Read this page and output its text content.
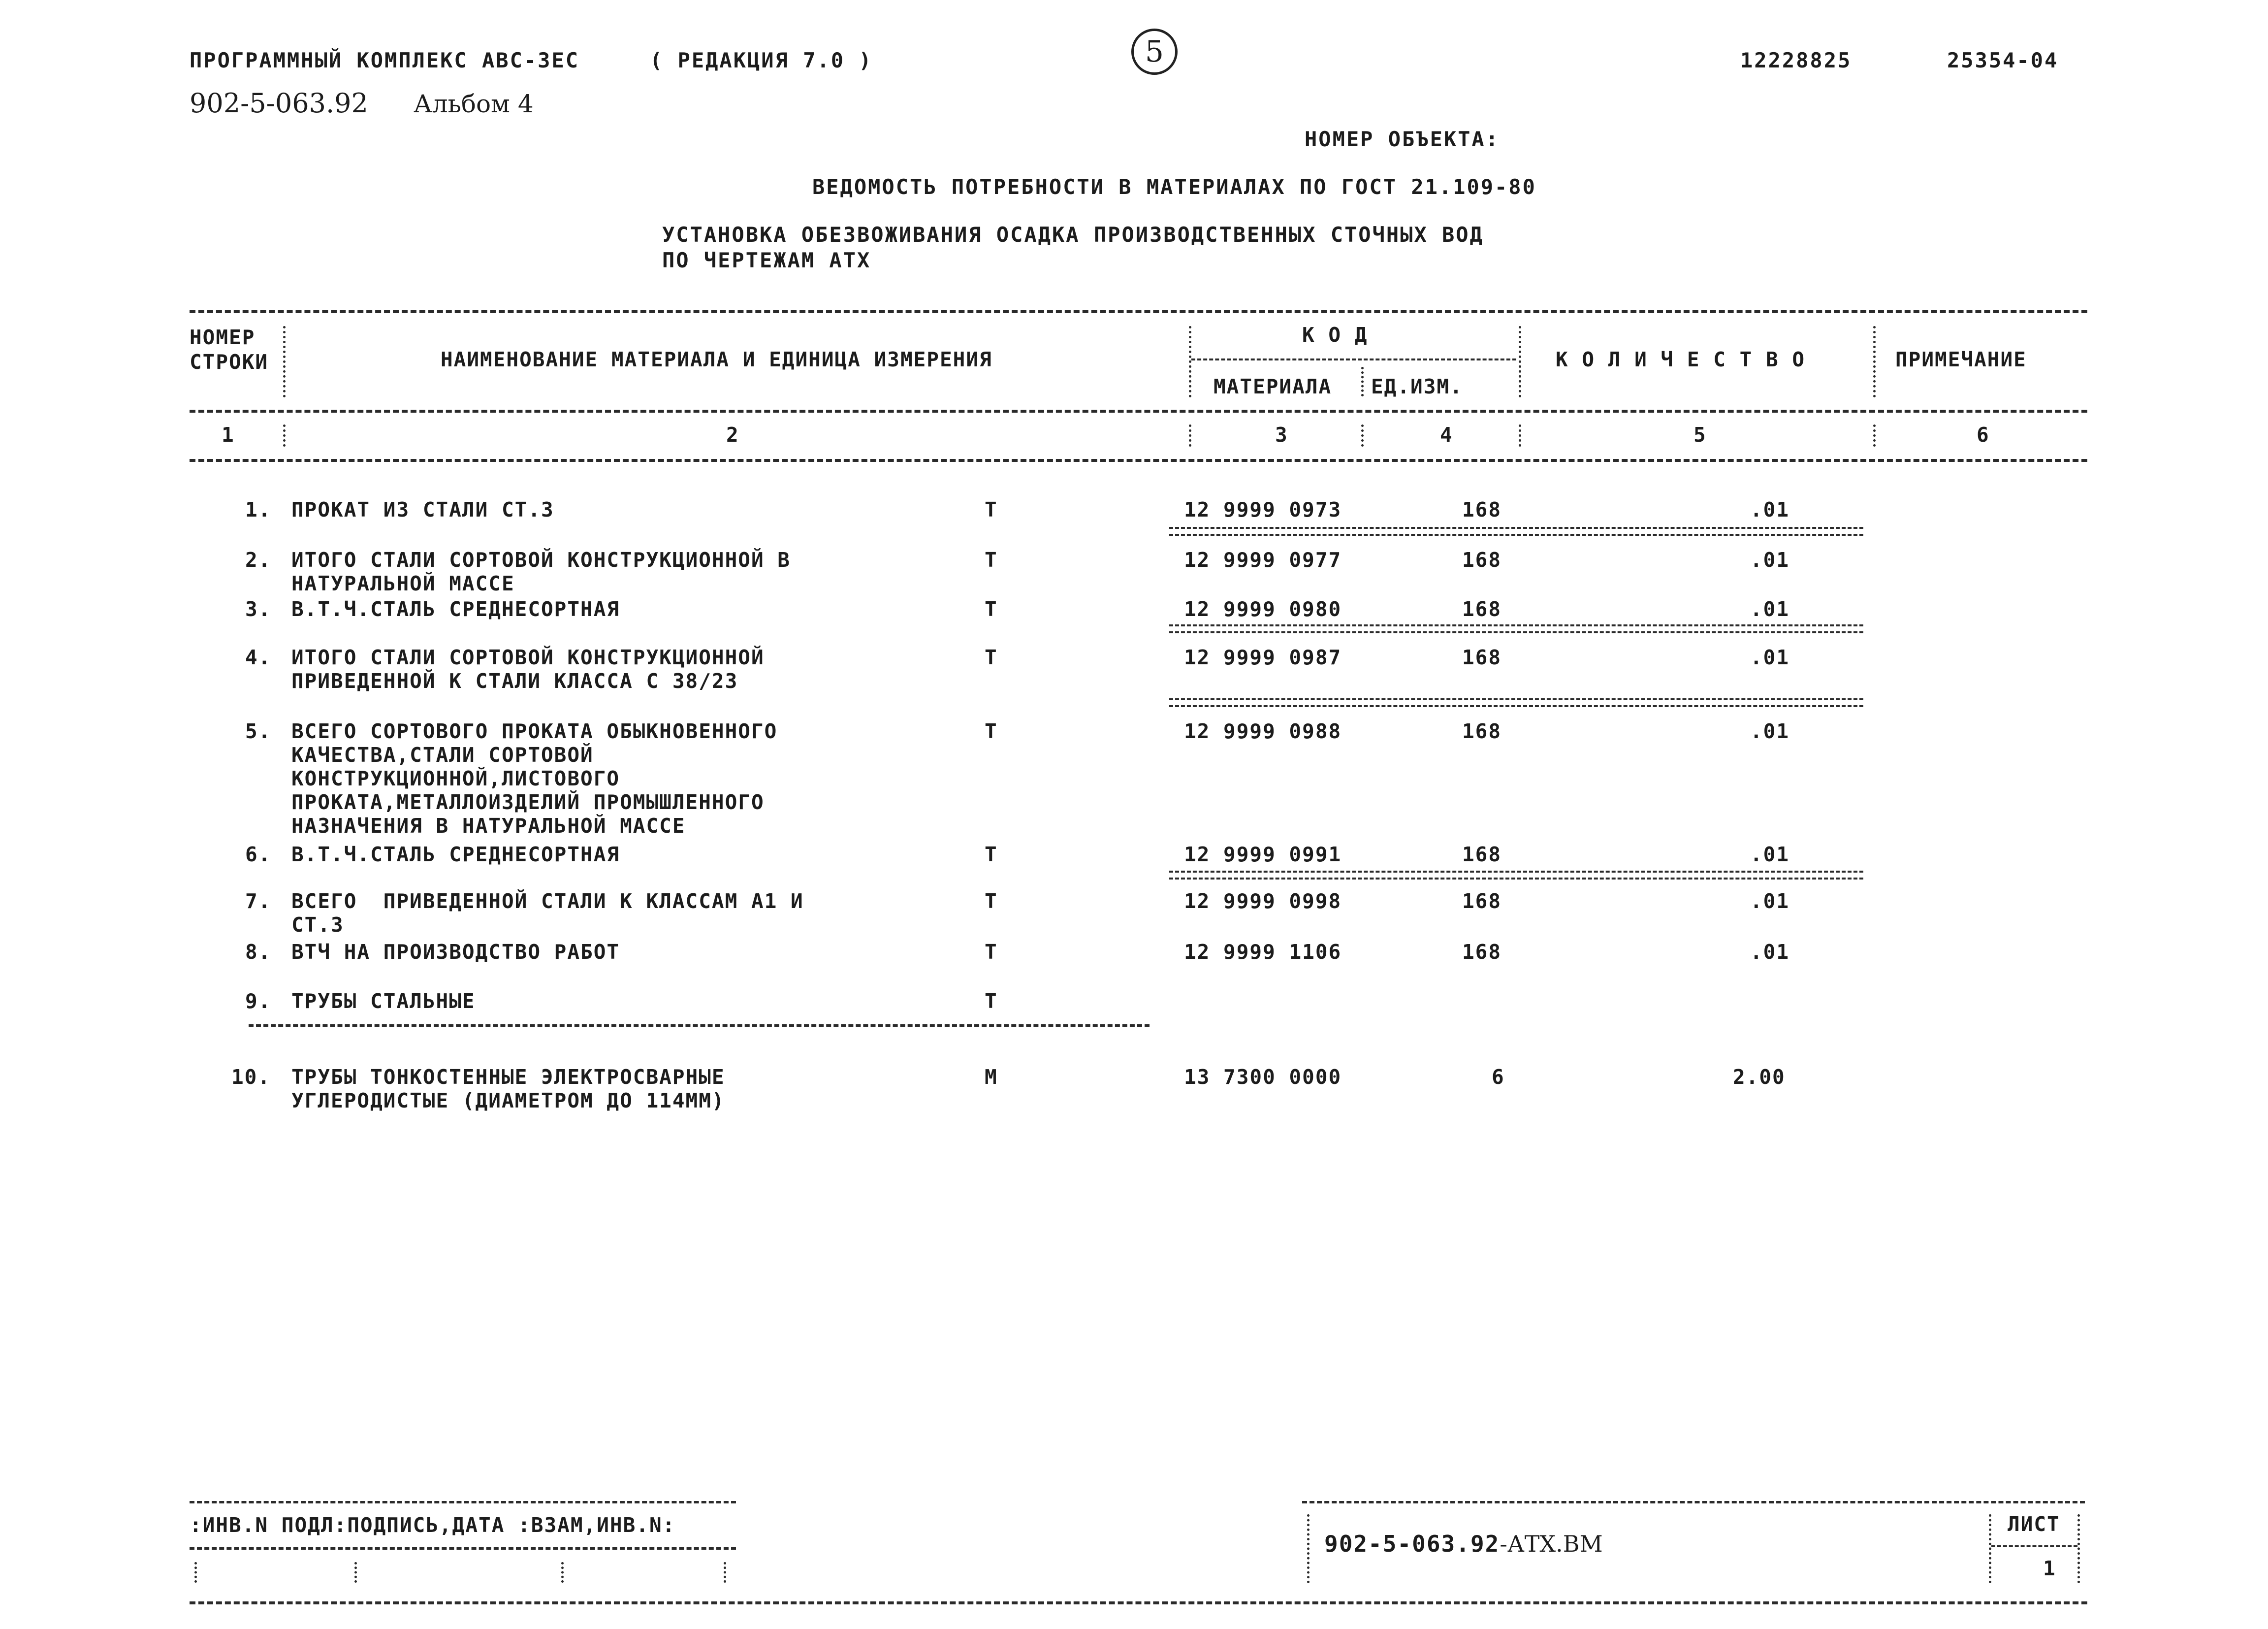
ПРОГРАММНЫЙ КОМПЛЕКС АВС-3ЕС	( РЕДАКЦИЯ 7.0 )	5	12228825	25354-04
902-5-063.92 Альбом 4
НОМЕР ОБЪЕКТА:
ВЕДОМОСТЬ ПОТРЕБНОСТИ В МАТЕРИАЛАХ ПО ГОСТ 21.109-80
УСТАНОВКА ОБЕЗВОЖИВАНИЯ ОСАДКА ПРОИЗВОДСТВЕННЫХ СТОЧНЫХ ВОД
ПО ЧЕРТЕЖАМ АТХ
НОМЕР
СТРОКИ	НАИМЕНОВАНИЕ МАТЕРИАЛА И ЕДИНИЦА ИЗМЕРЕНИЯ
К О Д
МАТЕРИАЛА ЕД.ИЗМ.
К О Л И Ч Е С Т В О	ПРИМЕЧАНИЕ
1	2	3	4	5	6
1. ПРОКАТ ИЗ СТАЛИ СТ.3	Т	12 9999 0973	168	.01
2. ИТОГО СТАЛИ СОРТОВОЙ КОНСТРУКЦИОННОЙ В
НАТУРАЛЬНОЙ МАССЕ
Т	12 9999 0977	168	.01
3. В.Т.Ч.СТАЛЬ СРЕДНЕСОРТНАЯ	Т	12 9999 0980	168	.01
4. ИТОГО СТАЛИ СОРТОВОЙ КОНСТРУКЦИОННОЙ
ПРИВЕДЕННОЙ К СТАЛИ КЛАССА С 38/23
Т	12 9999 0987	168	.01
5. ВСЕГО СОРТОВОГО ПРОКАТА ОБЫКНОВЕННОГО
КАЧЕСТВА,СТАЛИ СОРТОВОЙ
КОНСТРУКЦИОННОЙ,ЛИСТОВОГО
ПРОКАТА,МЕТАЛЛОИЗДЕЛИЙ ПРОМЫШЛЕННОГО
НАЗНАЧЕНИЯ В НАТУРАЛЬНОЙ МАССЕ
Т	12 9999 0988	168	.01
6. В.Т.Ч.СТАЛЬ СРЕДНЕСОРТНАЯ	Т	12 9999 0991	168	.01
7. ВСЕГО  ПРИВЕДЕННОЙ СТАЛИ К КЛАССАМ А1 И
СТ.3
Т	12 9999 0998	168	.01
8. ВТЧ НА ПРОИЗВОДСТВО РАБОТ	Т	12 9999 1106	168	.01
9. ТРУБЫ СТАЛЬНЫЕ	Т
10. ТРУБЫ ТОНКОСТЕННЫЕ ЭЛЕКТРОСВАРНЫЕ
УГЛЕРОДИСТЫЕ (ДИАМЕТРОМ ДО 114ММ)
М	13 7300 0000	6	2.00
:ИНВ.N ПОДЛ:ПОДПИСЬ,ДАТА :ВЗАМ,ИНВ.N:
902-5-063.92-АТХ.ВМ
ЛИСТ
1
